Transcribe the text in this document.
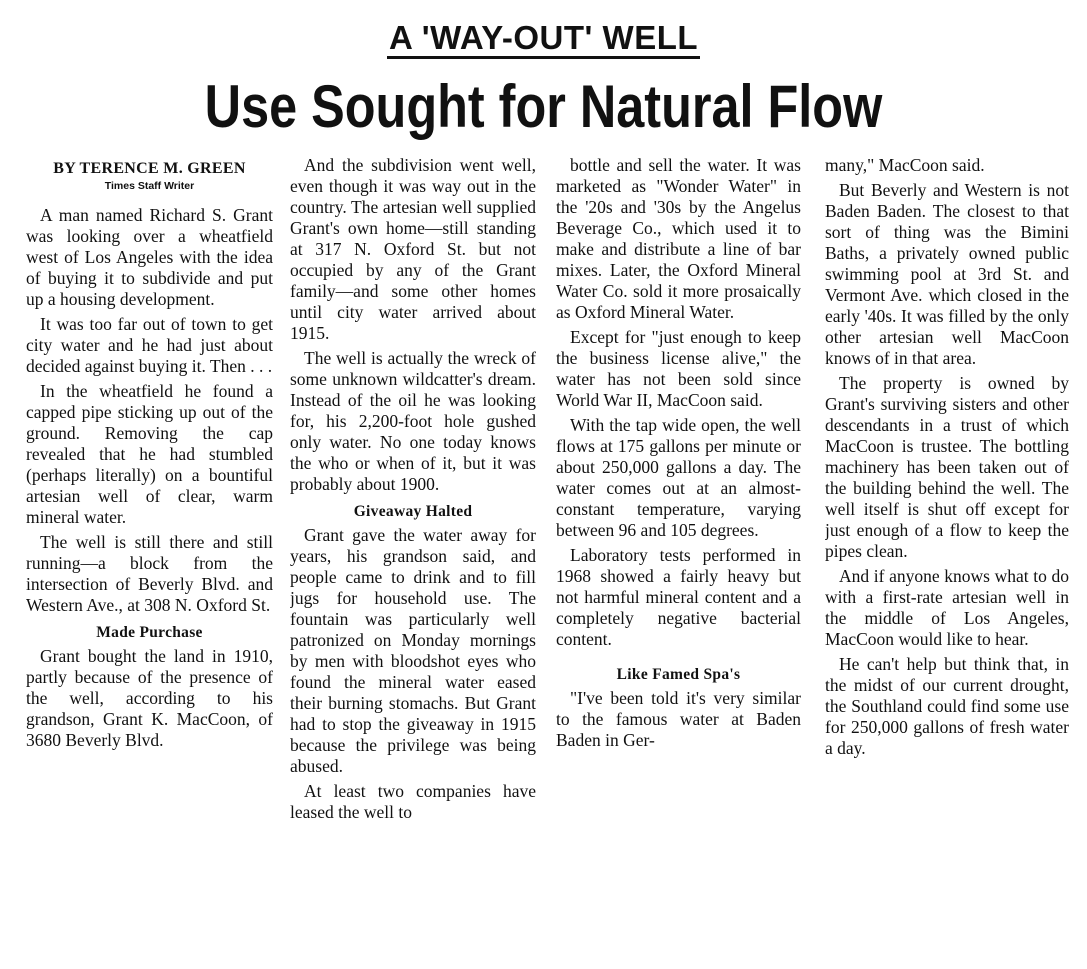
A 'WAY-OUT' WELL
Use Sought for Natural Flow
BY TERENCE M. GREEN
Times Staff Writer

A man named Richard S. Grant was looking over a wheatfield west of Los Angeles with the idea of buying it to subdivide and put up a housing development.

It was too far out of town to get city water and he had just about decided against buying it. Then . . .

In the wheatfield he found a capped pipe sticking up out of the ground. Removing the cap revealed that he had stumbled (perhaps literally) on a bountiful artesian well of clear, warm mineral water.

The well is still there and still running—a block from the intersection of Beverly Blvd. and Western Ave., at 308 N. Oxford St.

Made Purchase

Grant bought the land in 1910, partly because of the presence of the well, according to his grandson, Grant K. MacCoon, of 3680 Beverly Blvd.

And the subdivision went well, even though it was way out in the country. The artesian well supplied Grant's own home—still standing at 317 N. Oxford St. but not occupied by any of the Grant family—and some other homes until city water arrived about 1915.

The well is actually the wreck of some unknown wildcatter's dream. Instead of the oil he was looking for, his 2,200-foot hole gushed only water. No one today knows the who or when of it, but it was probably about 1900.

Giveaway Halted

Grant gave the water away for years, his grandson said, and people came to drink and to fill jugs for household use. The fountain was particularly well patronized on Monday mornings by men with bloodshot eyes who found the mineral water eased their burning stomachs. But Grant had to stop the giveaway in 1915 because the privilege was being abused.

At least two companies have leased the well to

bottle and sell the water. It was marketed as "Wonder Water" in the '20s and '30s by the Angelus Beverage Co., which used it to make and distribute a line of bar mixes. Later, the Oxford Mineral Water Co. sold it more prosaically as Oxford Mineral Water.

Except for "just enough to keep the business license alive," the water has not been sold since World War II, MacCoon said.

With the tap wide open, the well flows at 175 gallons per minute or about 250,000 gallons a day. The water comes out at an almost-constant temperature, varying between 96 and 105 degrees.

Laboratory tests performed in 1968 showed a fairly heavy but not harmful mineral content and a completely negative bacterial content.

Like Famed Spa's

"I've been told it's very similar to the famous water at Baden Baden in Ger-

many," MacCoon said.

But Beverly and Western is not Baden Baden. The closest to that sort of thing was the Bimini Baths, a privately owned public swimming pool at 3rd St. and Vermont Ave. which closed in the early '40s. It was filled by the only other artesian well MacCoon knows of in that area.

The property is owned by Grant's surviving sisters and other descendants in a trust of which MacCoon is trustee. The bottling machinery has been taken out of the building behind the well. The well itself is shut off except for just enough of a flow to keep the pipes clean.

And if anyone knows what to do with a first-rate artesian well in the middle of Los Angeles, MacCoon would like to hear.

He can't help but think that, in the midst of our current drought, the Southland could find some use for 250,000 gallons of fresh water a day.
